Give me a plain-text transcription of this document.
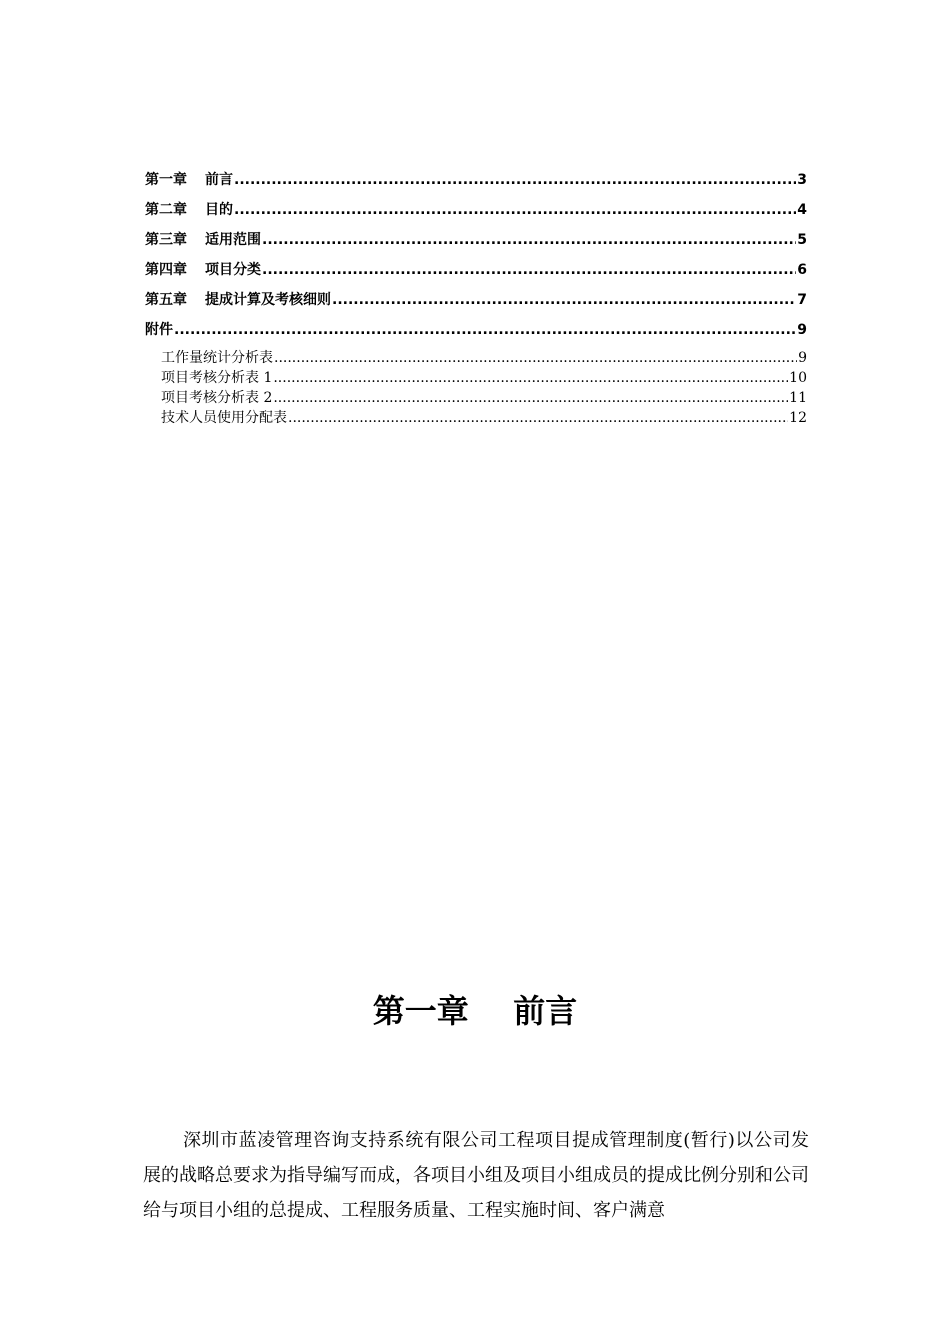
第一章 前言 .....	3
第二章 目的 .....	4
第三章 适用范围 .....	5
第四章 项目分类 .....	6
第五章 提成计算及考核细则 .....	7
附件 .....	9
工作量统计分析表 .....	9
项目考核分析表 1 .....	10
项目考核分析表 2 .....	11
技术人员使用分配表 .....	12
第一章 前言

深圳市蓝凌管理咨询支持系统有限公司工程项目提成管理制度(暂行)以公司发展的战略总要求为指导编写而成，各项目小组及项目小组成员的提成比例分别和公司给与项目小组的总提成、工程服务质量、工程实施时间、客户满意
